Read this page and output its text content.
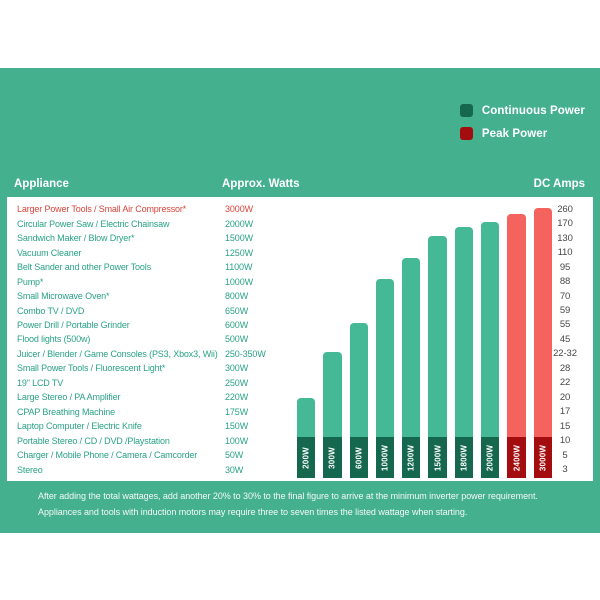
Continuous Power
Peak Power
Appliance	Approx. Watts	DC Amps
Larger Power Tools / Small Air Compressor*	3000W	260
Circular Power Saw / Electric Chainsaw	2000W	170
Sandwich Maker / Blow Dryer*	1500W	130
Vacuum Cleaner	1250W	110
Belt Sander and other Power Tools	1100W	95
Pump*	1000W	88
Small Microwave Oven*	800W	70
Combo TV / DVD	650W	59
Power Drill / Portable Grinder	600W	55
Flood lights (500w)	500W	45
Juicer / Blender / Game Consoles (PS3, Xbox3, Wii) 250-350W	22-32
Small Power Tools / Fluorescent Light*	300W	28
19" LCD TV	250W	22
Large Stereo / PA Amplifier	220W	20
CPAP Breathing Machine	175W	17
Laptop Computer / Electric Knife	150W	15
Portable Stereo / CD / DVD /Playstation	100W	10
Charger / Mobile Phone / Camera / Camcorder	50W	5
Stereo	30W	3
200W 300W 600W 1000W 1200W 1500W 1800W 2000W 2400W 3000W
After adding the total wattages, add another 20% to 30% to the final figure to arrive at the minimum inverter power requirement.
Appliances and tools with induction motors may require three to seven times the listed wattage when starting.
